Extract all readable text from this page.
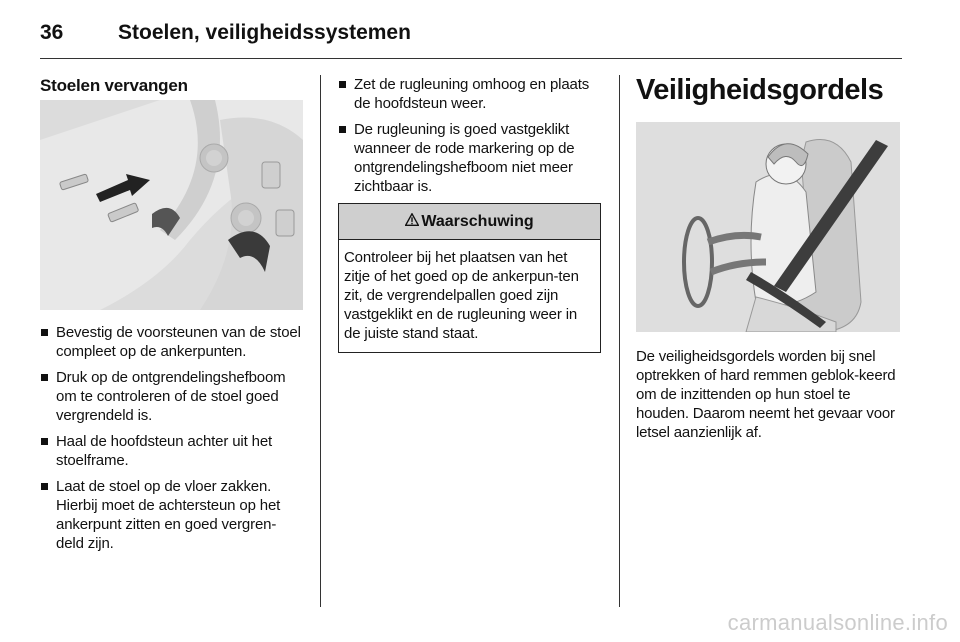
36	Stoelen, veiligheidssystemen
Stoelen vervangen
Bevestig de voorsteunen van de stoel compleet op de ankerpunten.
Druk op de ontgrendelingshefboom om te controleren of de stoel goed vergrendeld is.
Haal de hoofdsteun achter uit het stoelframe.
Laat de stoel op de vloer zakken. Hierbij moet de achtersteun op het ankerpunt zitten en goed vergren-deld zijn.
Zet de rugleuning omhoog en plaats de hoofdsteun weer.
De rugleuning is goed vastgeklikt wanneer de rode markering op de ontgrendelingshefboom niet meer zichtbaar is.
Waarschuwing
Controleer bij het plaatsen van het zitje of het goed op de ankerpun-ten zit, de vergrendelpallen goed zijn vastgeklikt en de rugleuning weer in de juiste stand staat.
Veiligheidsgordels
De veiligheidsgordels worden bij snel optrekken of hard remmen geblok-keerd om de inzittenden op hun stoel te houden. Daarom neemt het gevaar voor letsel aanzienlijk af.
carmanualsonline.info
